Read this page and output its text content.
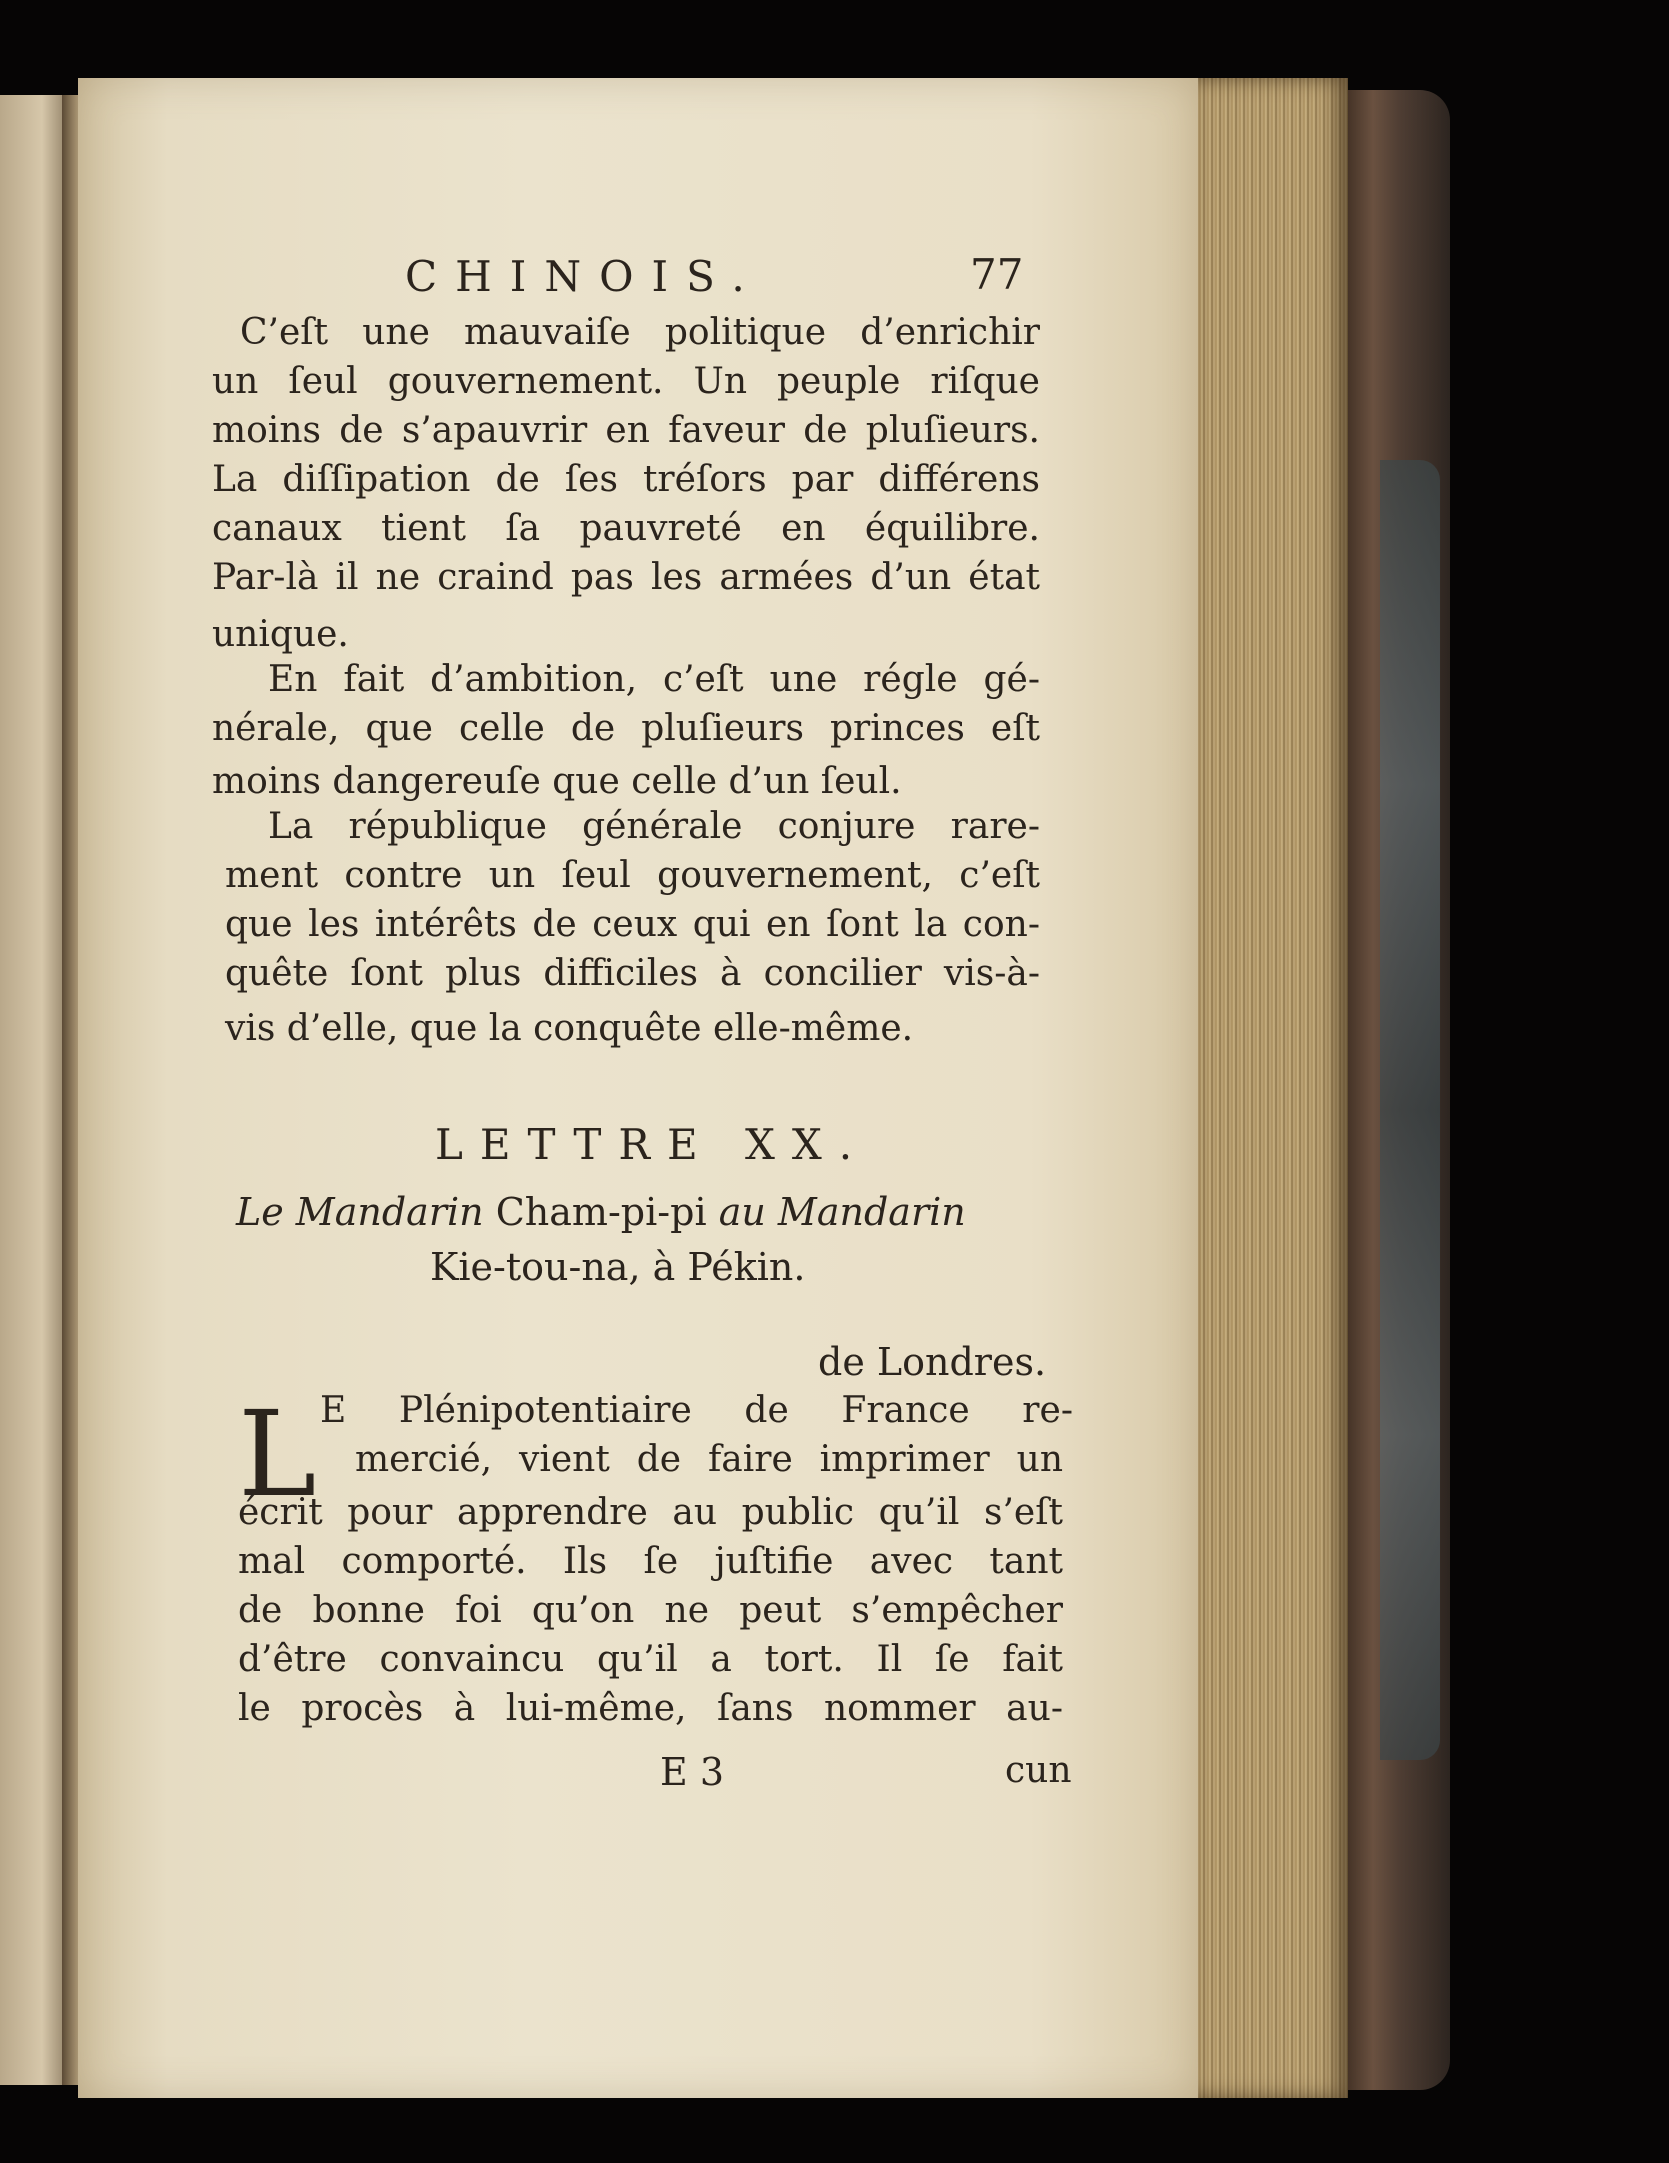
CHINOIS.	77
C’eſt une mauvaiſe politique d’enrichir
un ſeul gouvernement. Un peuple riſque
moins de s’apauvrir en faveur de pluſieurs.
La diſſipation de ſes tréſors par différens
canaux tient ſa pauvreté en équilibre.
Par-là il ne craind pas les armées d’un état
unique.
En fait d’ambition, c’eſt une régle gé-
nérale, que celle de pluſieurs princes eſt
moins dangereuſe que celle d’un ſeul.
La république générale conjure rare-
ment contre un ſeul gouvernement, c’eſt
que les intérêts de ceux qui en ſont la con-
quête ſont plus difficiles à concilier vis-à-
vis d’elle, que la conquête elle-même.
LETTRE XX.
Le Mandarin Cham-pi-pi au Mandarin
Kie-tou-na, à Pékin.
de Londres.
L E Plénipotentiaire de France re-
mercié, vient de faire imprimer un
écrit pour apprendre au public qu’il s’eſt
mal comporté. Ils ſe juſtifie avec tant
de bonne foi qu’on ne peut s’empêcher
d’être convaincu qu’il a tort. Il ſe fait
le procès à lui-même, ſans nommer au-
E 3	cun
